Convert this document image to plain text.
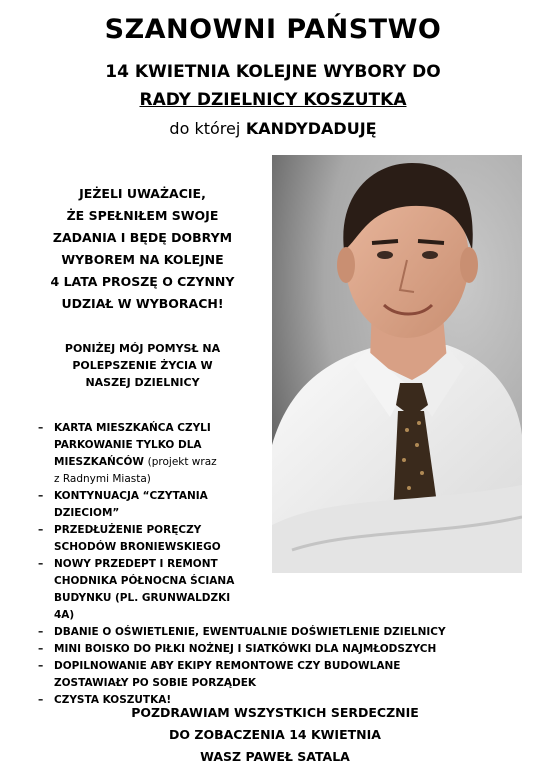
SZANOWNI PAŃSTWO
14 KWIETNIA KOLEJNE WYBORY DO
RADY DZIELNICY KOSZUTKA
do której KANDYDADUJĘ
JEŻELI UWAŻACIE,
ŻE SPEŁNIŁEM SWOJE
ZADANIA I BĘDĘ DOBRYM
WYBOREM NA KOLEJNE
4 LATA PROSZĘ O CZYNNY
UDZIAŁ W WYBORACH!
PONIŻEJ MÓJ POMYSŁ NA
POLEPSZENIE ŻYCIA W
NASZEJ DZIELNICY
– KARTA MIESZKAŃCA CZYLI
PARKOWANIE TYLKO DLA
MIESZKAŃCÓW (projekt wraz
z Radnymi Miasta)
– KONTYNUACJA “CZYTANIA
DZIECIOM”
– PRZEDŁUŻENIE PORĘCZY
SCHODÓW BRONIEWSKIEGO
– NOWY PRZEDEPT I REMONT
CHODNIKA PÓŁNOCNA ŚCIANA
BUDYNKU (PL. GRUNWALDZKI 4A)
– DBANIE O OŚWIETLENIE, EWENTUALNIE DOŚWIETLENIE DZIELNICY
– MINI BOISKO DO PIŁKI NOŻNEJ I SIATKÓWKI DLA NAJMŁODSZYCH
– DOPILNOWANIE ABY EKIPY REMONTOWE CZY BUDOWLANE
ZOSTAWIAŁY PO SOBIE PORZĄDEK
– CZYSTA KOSZUTKA!
POZDRAWIAM WSZYSTKICH SERDECZNIE
DO ZOBACZENIA 14 KWIETNIA
WASZ PAWEŁ SATALA
